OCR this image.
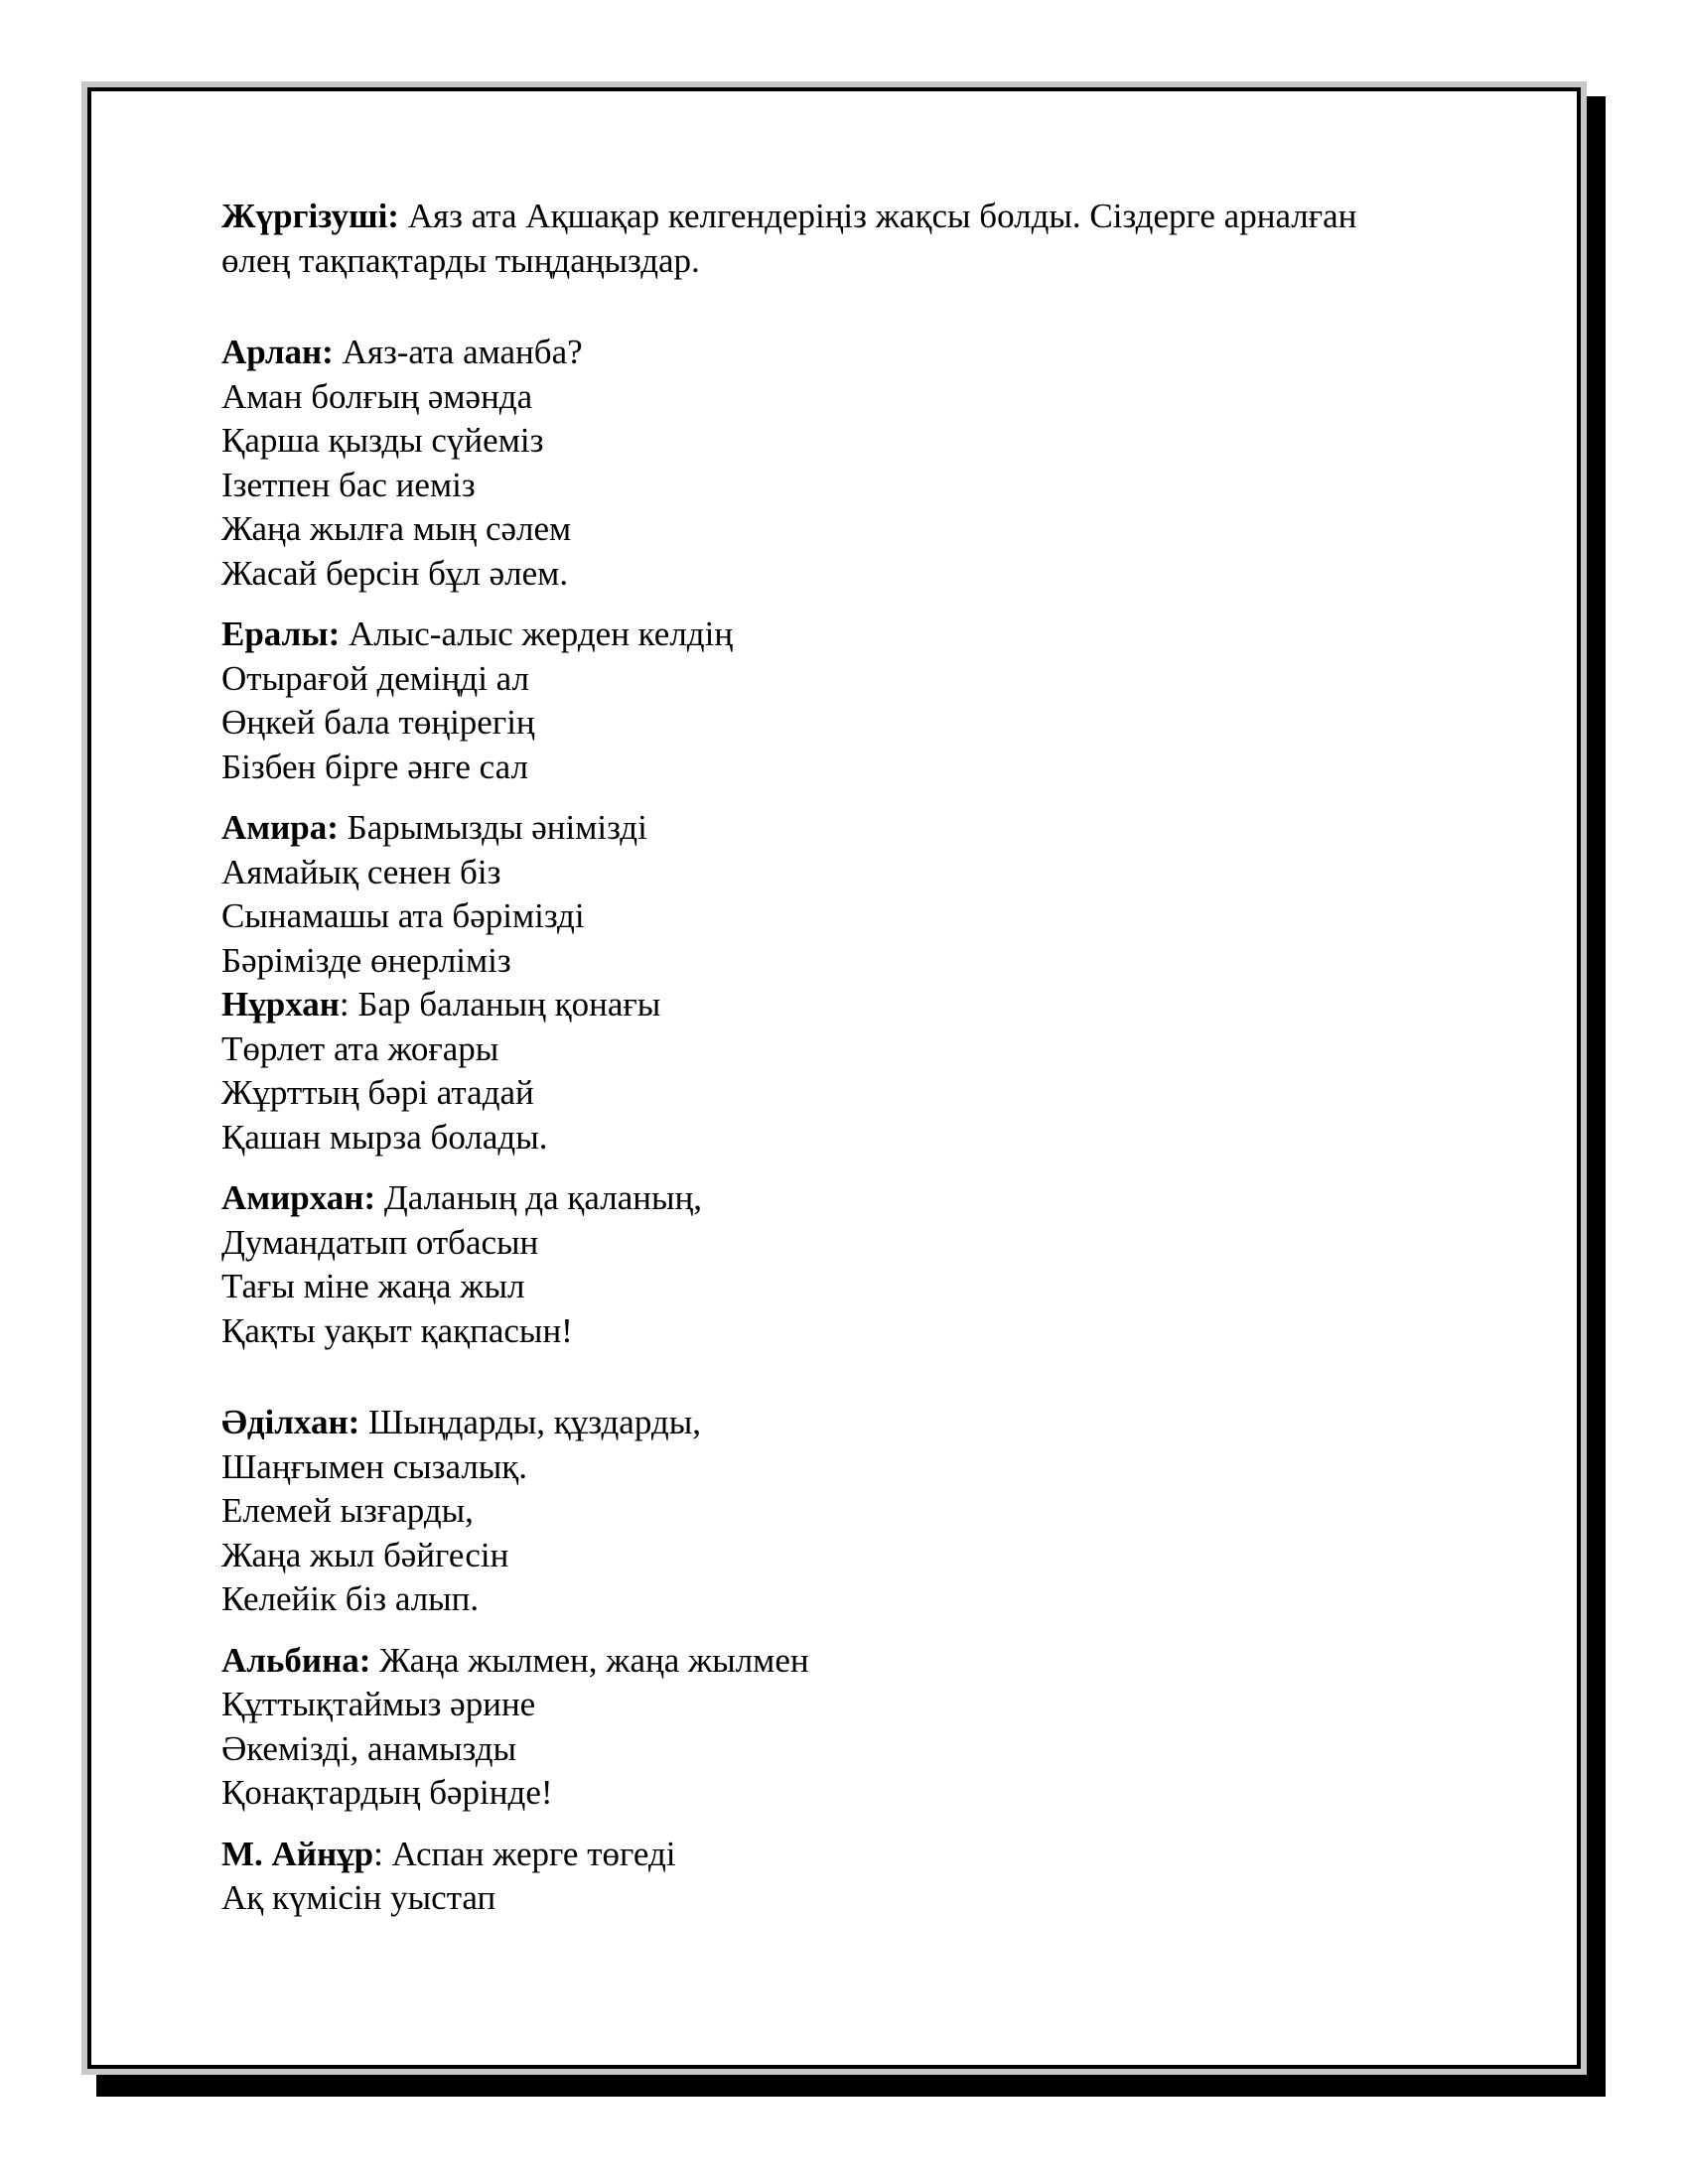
Жүргізуші: Аяз ата Ақшақар келгендеріңіз жақсы болды. Сіздерге арналған
өлең тақпақтарды тыңдаңыздар.

Арлан: Аяз-ата аманба?
Аман болғың әмәнда
Қарша қызды сүйеміз
Ізетпен бас иеміз
Жаңа жылға мың сәлем
Жасай берсін бұл әлем.

Ералы: Алыс-алыс жерден келдің
Отырағой деміңді ал
Өңкей бала төңірегің
Бізбен бірге әнге сал

Амира: Барымызды әнімізді
Аямайық сенен біз
Сынамашы ата бәрімізді
Бәрімізде өнерліміз

Нұрхан: Бар баланың қонағы
Төрлет ата жоғары
Жұрттың бәрі атадай
Қашан мырза болады.

Амирхан: Даланың да қаланың,
Думандатып отбасын
Тағы міне жаңа жыл
Қақты уақыт қақпасын!

Әділхан: Шыңдарды, құздарды,
Шаңғымен сызалық.
Елемей ызғарды,
Жаңа жыл бәйгесін
Келейік біз алып.

Альбина: Жаңа жылмен, жаңа жылмен
Құттықтаймыз әрине
Әкемізді, анамызды
Қонақтардың бәрінде!

М. Айнұр: Аспан жерге төгеді
Ақ күмісін уыстап
